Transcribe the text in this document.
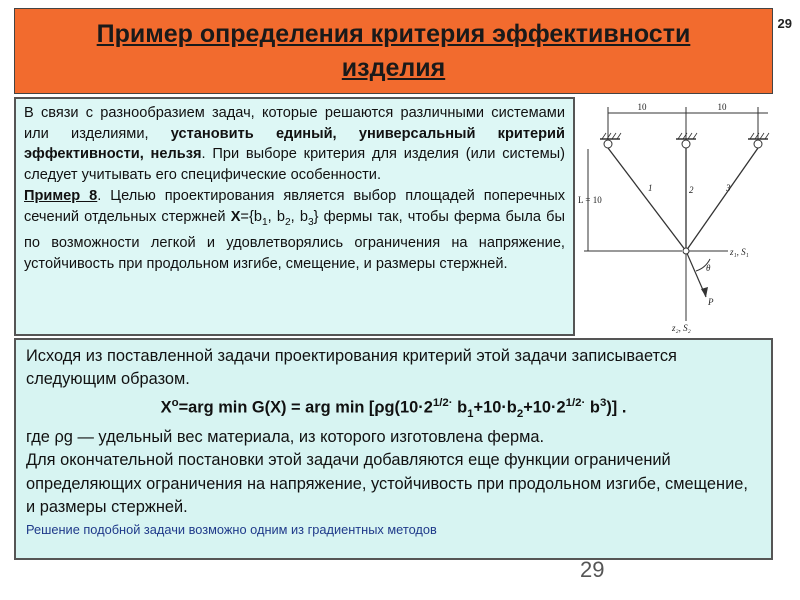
Пример определения критерия эффективности
изделия
29

В связи с разнообразием задач, которые решаются различными системами или изделиями, установить единый, универсальный критерий эффективности, нельзя. При выборе критерия для изделия (или системы) следует учитывать его специфические особенности.

Пример 8. Целью проектирования является выбор площадей поперечных сечений отдельных стержней $X=\{b_1$, $b_2$, $b_3$} фермы так, чтобы ферма была бы по возможности легкой и удовлетворялись ограничения на напряжение, устойчивость при продольном изгибе, смещение, и размеры стержней.

10	10
L = 10
1	2	3
z₁, S₁
z₂, S₂
θ
P

Исходя из поставленной задачи проектирования критерий этой задачи записывается следующим образом.

$X^о=arg$ min G(X) = arg $\min [\rho g(10\cdot 2^{1/2\cdot}$ $b_1+10\cdot b_2+10\cdot 2^{1/2\cdot}$ $b^3$)] .

где ρg — удельный вес материала, из которого изготовлена ферма.

Для окончательной постановки этой задачи добавляются еще функции ограничений определяющих ограничения на напряжение, устойчивость при продольном изгибе, смещение, и размеры стержней.

Решение подобной задачи возможно одним из градиентных методов

29
